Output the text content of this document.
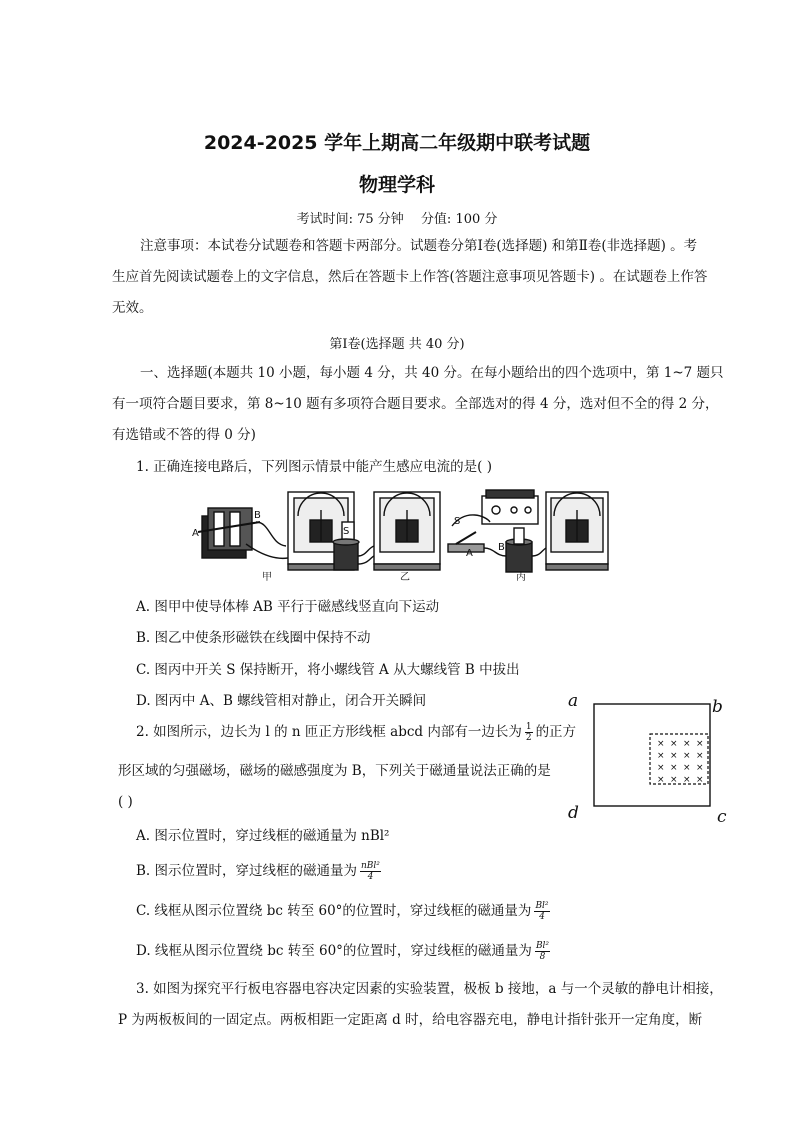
2024-2025 学年上期高二年级期中联考试题
物理学科
考试时间: 75 分钟　 分值: 100 分
注意事项：本试卷分试题卷和答题卡两部分。试题卷分第Ⅰ卷(选择题) 和第Ⅱ卷(非选择题) 。考
生应首先阅读试题卷上的文字信息，然后在答题卡上作答(答题注意事项见答题卡) 。在试题卷上作答
无效。
第Ⅰ卷(选择题 共 40 分)
一、选择题(本题共 10 小题，每小题 4 分，共 40 分。在每小题给出的四个选项中，第 1~7 题只
有一项符合题目要求，第 8~10 题有多项符合题目要求。全部选对的得 4 分，选对但不全的得 2 分，
有选错或不答的得 0 分)
1. 正确连接电路后，下列图示情景中能产生感应电流的是( )
A
B
S
S
A
B
甲	乙	丙
A. 图甲中使导体棒 AB 平行于磁感线竖直向下运动
B. 图乙中使条形磁铁在线圈中保持不动
C. 图丙中开关 S 保持断开，将小螺线管 A 从大螺线管 B 中拔出
D. 图丙中 A、B 螺线管相对静止，闭合开关瞬间
× × × ×
× × × ×
× × × ×
× × × ×
a	b
c
d
2. 如图所示，边长为 l 的 n 匝正方形线框 abcd 内部有一边长为 $\frac{1}{2}$ 的正方
形区域的匀强磁场，磁场的磁感强度为 B，下列关于磁通量说法正确的是
( )
A. 图示位置时，穿过线框的磁通量为 nBl²
B. 图示位置时，穿过线框的磁通量为 $\frac{\text{nBl²}}{4}$
C. 线框从图示位置绕 bc 转至 60°的位置时，穿过线框的磁通量为 $\frac{\text{Bl²}}{4}$
D. 线框从图示位置绕 bc 转至 60°的位置时，穿过线框的磁通量为 $\frac{\text{Bl²}}{8}$
3. 如图为探究平行板电容器电容决定因素的实验装置，极板 b 接地，a 与一个灵敏的静电计相接，
P 为两板板间的一固定点。两板相距一定距离 d 时，给电容器充电，静电计指针张开一定角度，断
